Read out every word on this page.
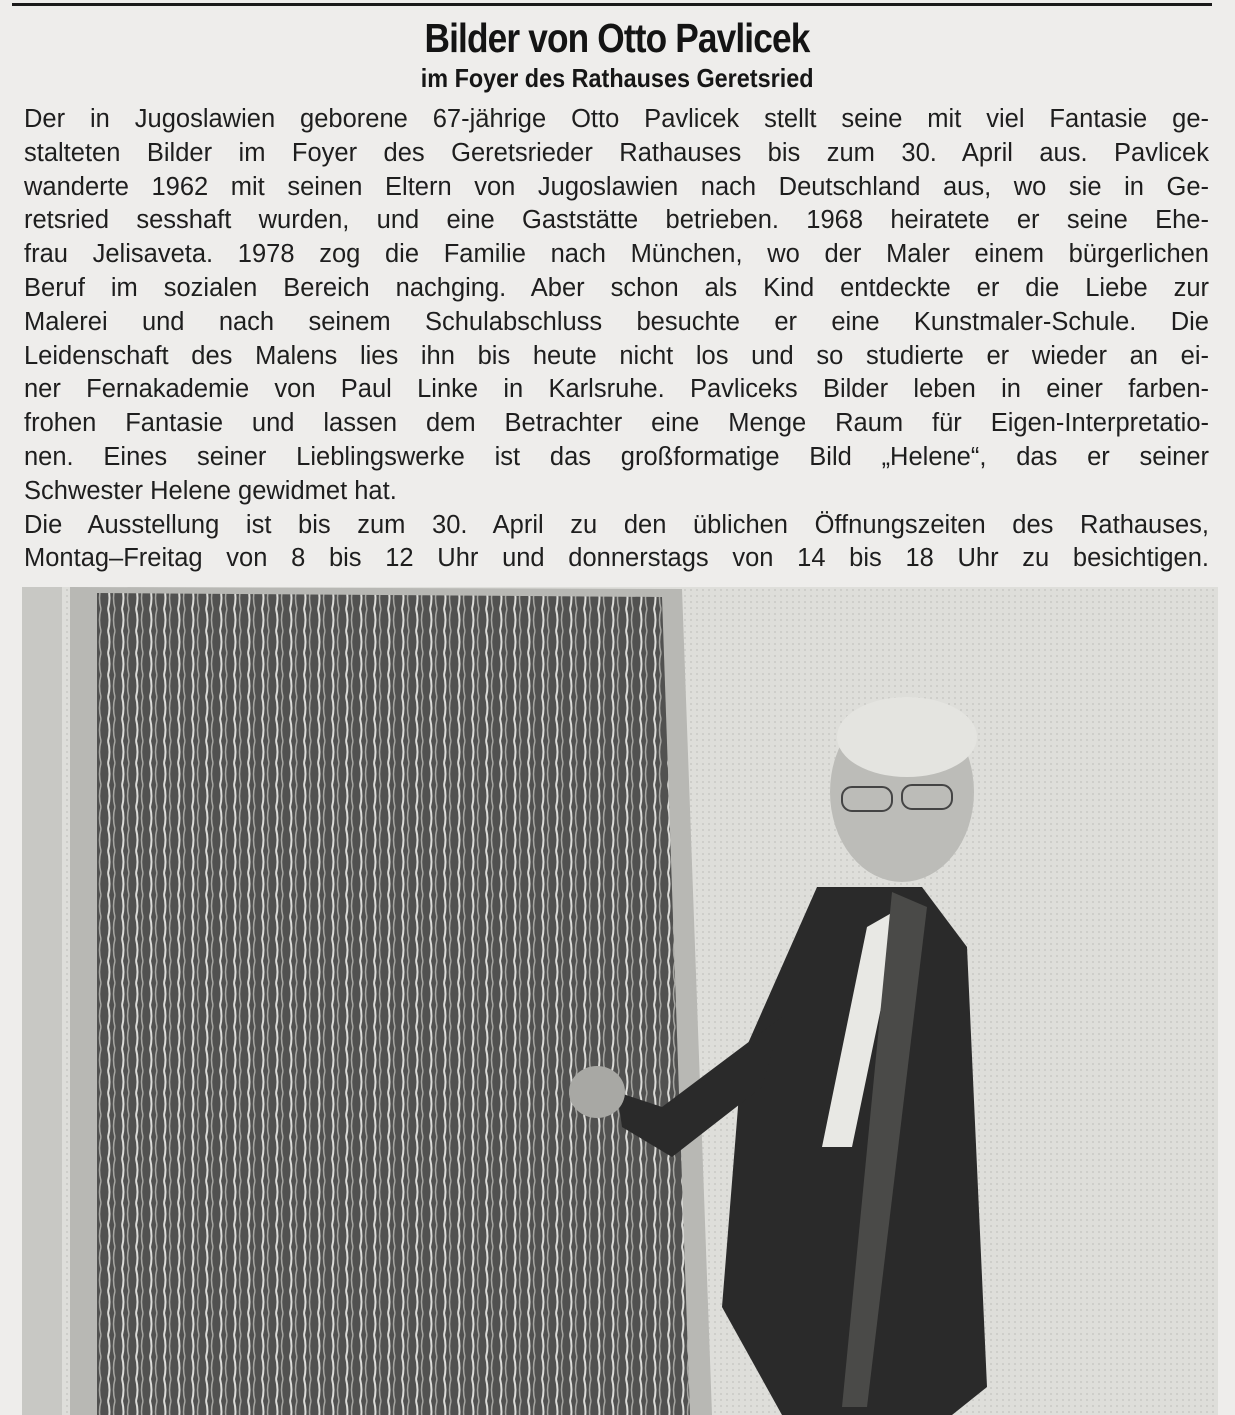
Bilder von Otto Pavlicek
im Foyer des Rathauses Geretsried
Der in Jugoslawien geborene 67-jährige Otto Pavlicek stellt seine mit viel Fantasie ge-
stalteten Bilder im Foyer des Geretsrieder Rathauses bis zum 30. April aus. Pavlicek
wanderte 1962 mit seinen Eltern von Jugoslawien nach Deutschland aus, wo sie in Ge-
retsried sesshaft wurden, und eine Gaststätte betrieben. 1968 heiratete er seine Ehe-
frau Jelisaveta. 1978 zog die Familie nach München, wo der Maler einem bürgerlichen
Beruf im sozialen Bereich nachging. Aber schon als Kind entdeckte er die Liebe zur
Malerei und nach seinem Schulabschluss besuchte er eine Kunstmaler-Schule. Die
Leidenschaft des Malens lies ihn bis heute nicht los und so studierte er wieder an ei-
ner Fernakademie von Paul Linke in Karlsruhe. Pavliceks Bilder leben in einer farben-
frohen Fantasie und lassen dem Betrachter eine Menge Raum für Eigen-Interpretatio-
nen. Eines seiner Lieblingswerke ist das großformatige Bild „Helene“, das er seiner
Schwester Helene gewidmet hat.
Die Ausstellung ist bis zum 30. April zu den üblichen Öffnungszeiten des Rathauses,
Montag–Freitag von 8 bis 12 Uhr und donnerstags von 14 bis 18 Uhr zu besichtigen.
